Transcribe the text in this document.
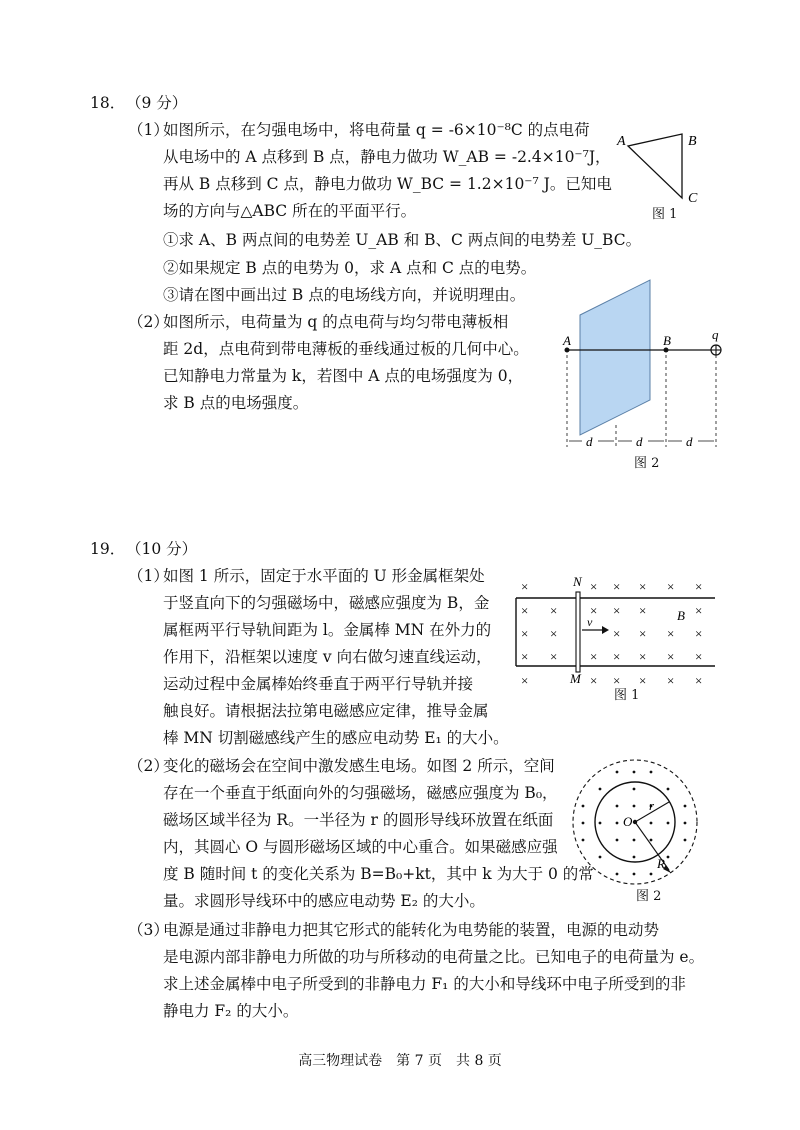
18． （9 分）
（1）
如图所示，在匀强电场中，将电荷量 q = -6×10⁻⁸C 的点电荷
从电场中的 A 点移到 B 点，静电力做功 W_AB = -2.4×10⁻⁷J，
再从 B 点移到 C 点，静电力做功 W_BC = 1.2×10⁻⁷ J。已知电
场的方向与△ABC 所在的平面平行。
①求 A、B 两点间的电势差 U_AB 和 B、C 两点间的电势差 U_BC。
②如果规定 B 点的电势为 0，求 A 点和 C 点的电势。
③请在图中画出过 B 点的电场线方向，并说明理由。
（2）
如图所示，电荷量为 q 的点电荷与均匀带电薄板相
距 2d，点电荷到带电薄板的垂线通过板的几何中心。
已知静电力常量为 k，若图中 A 点的电场强度为 0，
求 B 点的电场强度。
A	B
C
图 1
A	B	q
d	d	d
图 2
19． （10 分）
（1）
如图 1 所示，固定于水平面的 U 形金属框架处
于竖直向下的匀强磁场中，磁感应强度为 B，金
属框两平行导轨间距为 l。金属棒 MN 在外力的
作用下，沿框架以速度 v 向右做匀速直线运动，
运动过程中金属棒始终垂直于两平行导轨并接
触良好。请根据法拉第电磁感应定律，推导金属
棒 MN 切割磁感线产生的感应电动势 E₁ 的大小。
（2）
变化的磁场会在空间中激发感生电场。如图 2 所示，空间
存在一个垂直于纸面向外的匀强磁场，磁感应强度为 B₀，
磁场区域半径为 R。一半径为 r 的圆形导线环放置在纸面
内，其圆心 O 与圆形磁场区域的中心重合。如果磁感应强
度 B 随时间 t 的变化关系为 B=B₀+kt，其中 k 为大于 0 的常
量。求圆形导线环中的感应电动势 E₂ 的大小。
（3）
电源是通过非静电力把其它形式的能转化为电势能的装置，电源的电动势
是电源内部非静电力所做的功与所移动的电荷量之比。已知电子的电荷量为 e。
求上述金属棒中电子所受到的非静电力 F₁ 的大小和导线环中电子所受到的非
静电力 F₂ 的大小。
×	× × × × ×
× ×	× × ×	×
× ×	× × × ×
× ×	× × × × ×
×	× × × × ×
v
N
M
B
图 1
O
r
R
图 2
高三物理试卷　第 7 页　共 8 页
